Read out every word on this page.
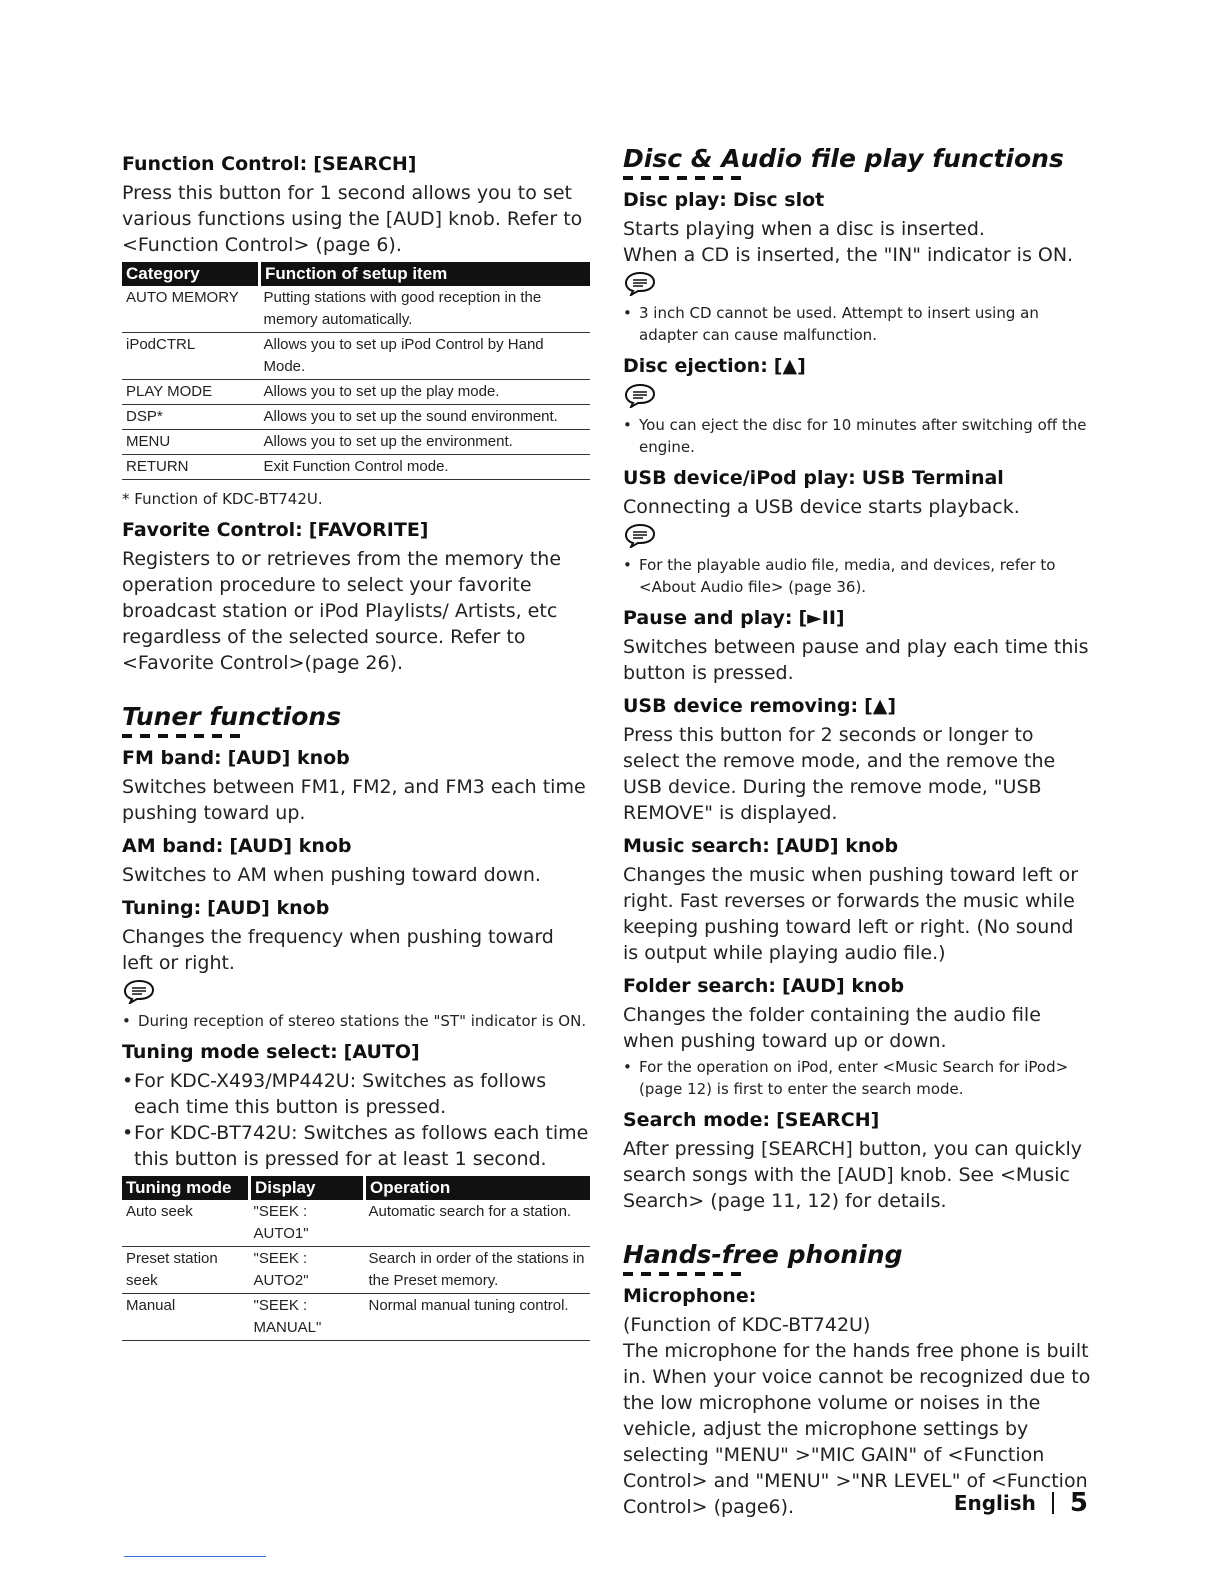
Function Control: [SEARCH]

Press this button for 1 second allows you to set various functions using the [AUD] knob. Refer to <Function Control> (page 6).

Category	Function of setup item
AUTO MEMORY	Putting stations with good reception in the memory automatically.
iPodCTRL	Allows you to set up iPod Control by Hand Mode.
PLAY MODE	Allows you to set up the play mode.
DSP*	Allows you to set up the sound environment.
MENU	Allows you to set up the environment.
RETURN	Exit Function Control mode.

* Function of KDC-BT742U.

Favorite Control: [FAVORITE]

Registers to or retrieves from the memory the operation procedure to select your favorite broadcast station or iPod Playlists/ Artists, etc regardless of the selected source. Refer to <Favorite Control>(page 26).

Tuner functions
FM band: [AUD] knob

Switches between FM1, FM2, and FM3 each time pushing toward up.

AM band: [AUD] knob

Switches to AM when pushing toward down.

Tuning: [AUD] knob

Changes the frequency when pushing toward left or right.

• During reception of stereo stations the "ST" indicator is ON.

Tuning mode select: [AUTO]

• For KDC-X493/MP442U: Switches as follows each time this button is pressed.

• For KDC-BT742U: Switches as follows each time this button is pressed for at least 1 second.

Tuning mode	Display	Operation
Auto seek	"SEEK : AUTO1"	Automatic search for a station.
Preset station seek	"SEEK : AUTO2"	Search in order of the stations in the Preset memory.
Manual	"SEEK : MANUAL"	Normal manual tuning control.
Disc & Audio file play functions
Disc play: Disc slot

Starts playing when a disc is inserted.

When a CD is inserted, the "IN" indicator is ON.

• 3 inch CD cannot be used. Attempt to insert using an adapter can cause malfunction.

Disc ejection: [▲]

• You can eject the disc for 10 minutes after switching off the engine.

USB device/iPod play: USB Terminal

Connecting a USB device starts playback.

• For the playable audio file, media, and devices, refer to <About Audio file> (page 36).

Pause and play: [►II]

Switches between pause and play each time this button is pressed.

USB device removing: [▲]

Press this button for 2 seconds or longer to select the remove mode, and the remove the USB device. During the remove mode, "USB REMOVE" is displayed.

Music search: [AUD] knob

Changes the music when pushing toward left or right. Fast reverses or forwards the music while keeping pushing toward left or right. (No sound is output while playing audio file.)

Folder search: [AUD] knob

Changes the folder containing the audio file when pushing toward up or down.

• For the operation on iPod, enter <Music Search for iPod> (page 12) is first to enter the search mode.

Search mode: [SEARCH]

After pressing [SEARCH] button, you can quickly search songs with the [AUD] knob. See <Music Search> (page 11, 12) for details.

Hands-free phoning
Microphone:

(Function of KDC-BT742U)

The microphone for the hands free phone is built in. When your voice cannot be recognized due to the low microphone volume or noises in the vehicle, adjust the microphone settings by selecting "MENU" >"MIC GAIN" of <Function Control> and "MENU" >"NR LEVEL" of <Function Control> (page6).	English 5
